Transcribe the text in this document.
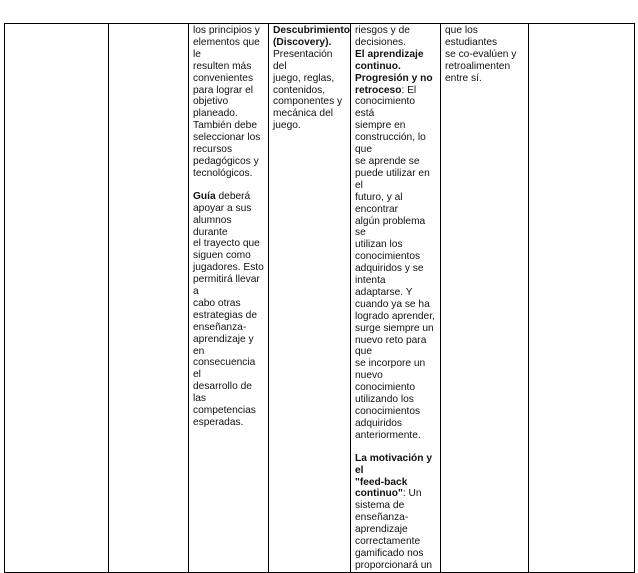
los principios y
elementos que le
resulten más
convenientes
para lograr el
objetivo
planeado.
También debe
seleccionar los
recursos
pedagógicos y
tecnológicos.
Guía deberá
apoyar a sus
alumnos durante
el trayecto que
siguen como
jugadores. Esto
permitirá llevar a
cabo otras
estrategias de
enseñanza-
aprendizaje y en
consecuencia el
desarrollo de las
competencias
esperadas.

Descubrimiento
(Discovery).
Presentación del
juego, reglas,
contenidos,
componentes y
mecánica del
juego.

riesgos y de
decisiones.
El aprendizaje
continuo.
Progresión y no
retroceso: El
conocimiento está
siempre en
construcción, lo que
se aprende se
puede utilizar en el
futuro, y al encontrar
algún problema se
utilizan los
conocimientos
adquiridos y se
intenta adaptarse. Y
cuando ya se ha
logrado aprender,
surge siempre un
nuevo reto para que
se incorpore un
nuevo conocimiento
utilizando los
conocimientos
adquiridos
anteriormente.
La motivación y el
"feed-back
continuo": Un
sistema de
enseñanza-
aprendizaje
correctamente
gamificado nos
proporcionará un

que los estudiantes
se co-evalúen y
retroalimenten
entre sí.
